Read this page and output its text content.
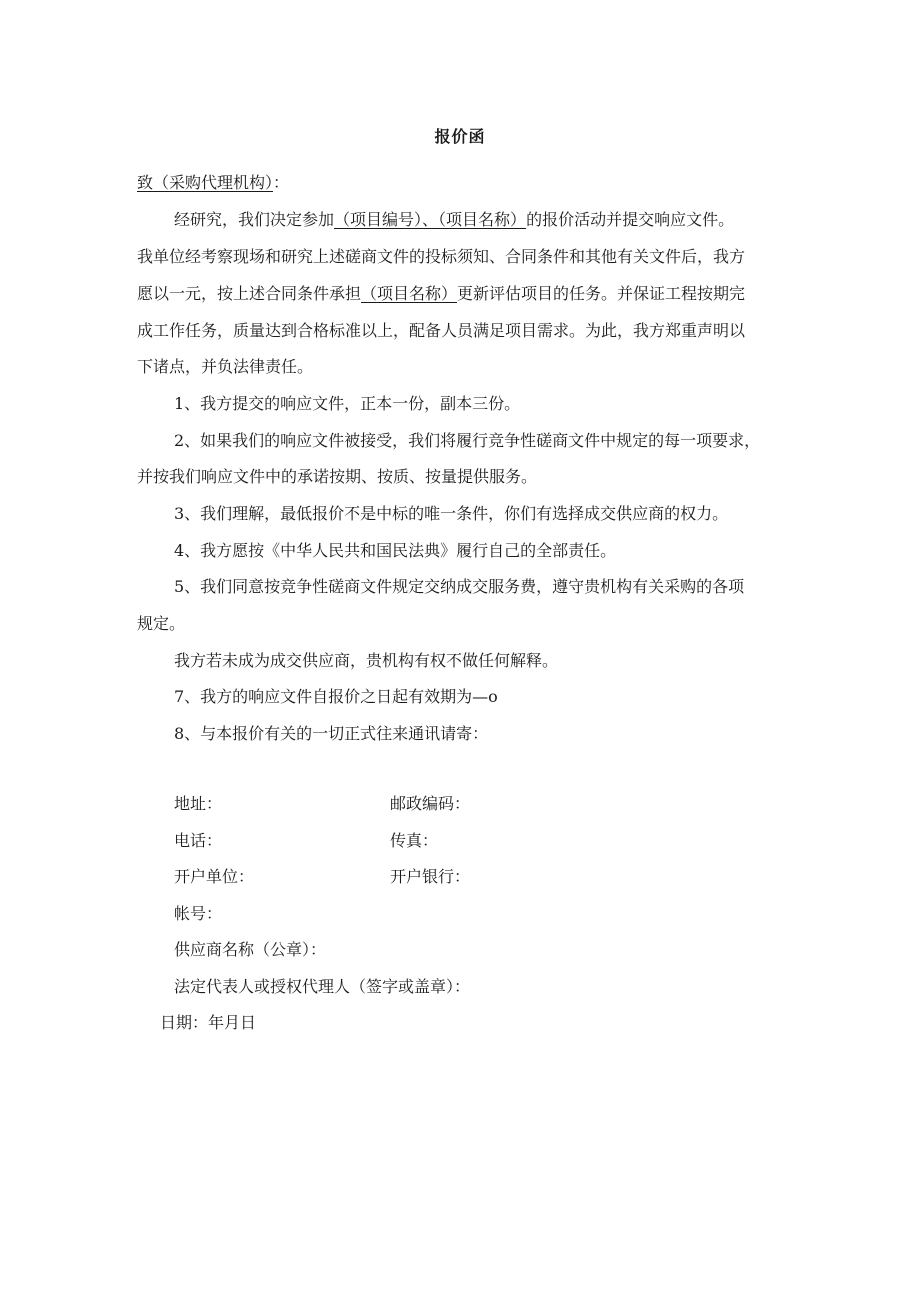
报价函
致（采购代理机构）：
经研究，我们决定参加（项目编号）、（项目名称）的报价活动并提交响应文件。
我单位经考察现场和研究上述磋商文件的投标须知、合同条件和其他有关文件后，我方
愿以一元，按上述合同条件承担（项目名称）更新评估项目的任务。并保证工程按期完
成工作任务，质量达到合格标准以上，配备人员满足项目需求。为此，我方郑重声明以
下诸点，并负法律责任。
1、我方提交的响应文件，正本一份，副本三份。
2、如果我们的响应文件被接受，我们将履行竞争性磋商文件中规定的每一项要求，
并按我们响应文件中的承诺按期、按质、按量提供服务。
3、我们理解，最低报价不是中标的唯一条件，你们有选择成交供应商的权力。
4、我方愿按《中华人民共和国民法典》履行自己的全部责任。
5、我们同意按竞争性磋商文件规定交纳成交服务费，遵守贵机构有关采购的各项
规定。
我方若未成为成交供应商，贵机构有权不做任何解释。
7、我方的响应文件自报价之日起有效期为—o
8、与本报价有关的一切正式往来通讯请寄：
地址：	邮政编码：
电话：	传真：
开户单位：	开户银行：
帐号：
供应商名称（公章）：
法定代表人或授权代理人（签字或盖章）：
日期：年月日
